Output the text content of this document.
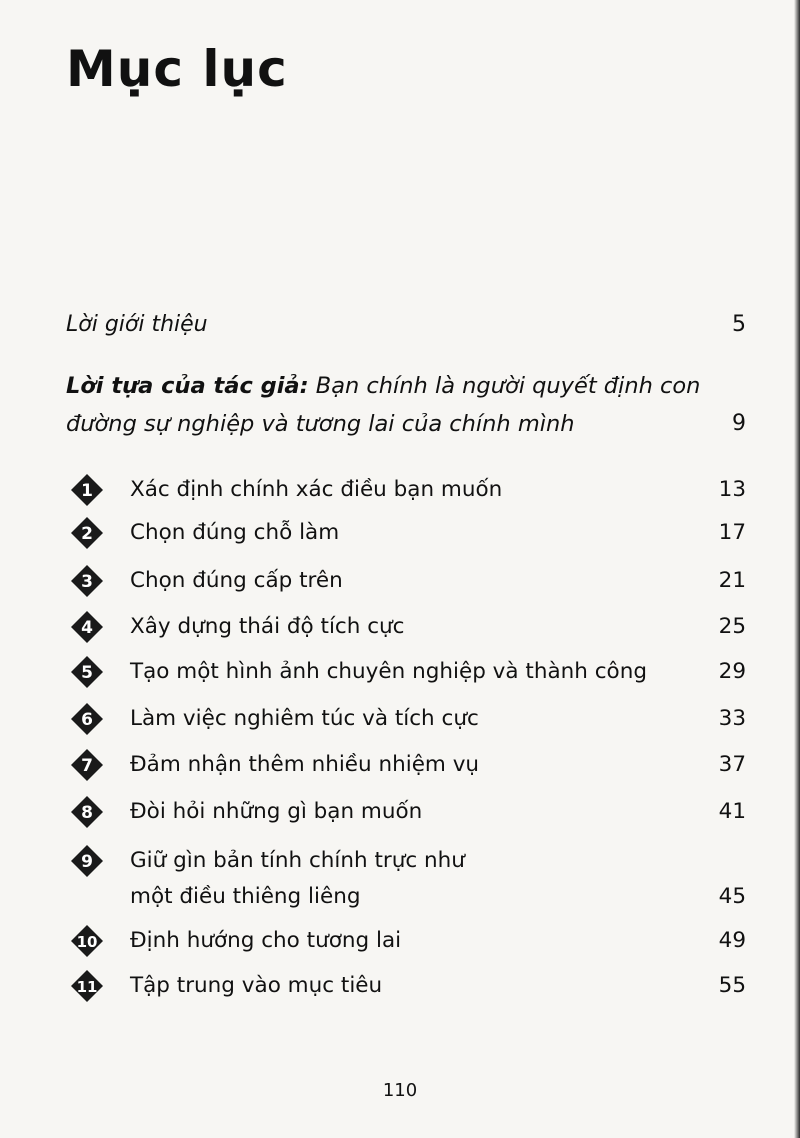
Mục lục
Lời giới thiệu	5
Lời tựa của tác giả: Bạn chính là người quyết định con
đường sự nghiệp và tương lai của chính mình	9
1 Xác định chính xác điều bạn muốn	13
2 Chọn đúng chỗ làm	17
3 Chọn đúng cấp trên	21
4 Xây dựng thái độ tích cực	25
5 Tạo một hình ảnh chuyên nghiệp và thành công	29
6 Làm việc nghiêm túc và tích cực	33
7 Đảm nhận thêm nhiều nhiệm vụ	37
8 Đòi hỏi những gì bạn muốn	41
9 Giữ gìn bản tính chính trực như
một điều thiêng liêng	45
10 Định hướng cho tương lai	49
11 Tập trung vào mục tiêu	55
110
